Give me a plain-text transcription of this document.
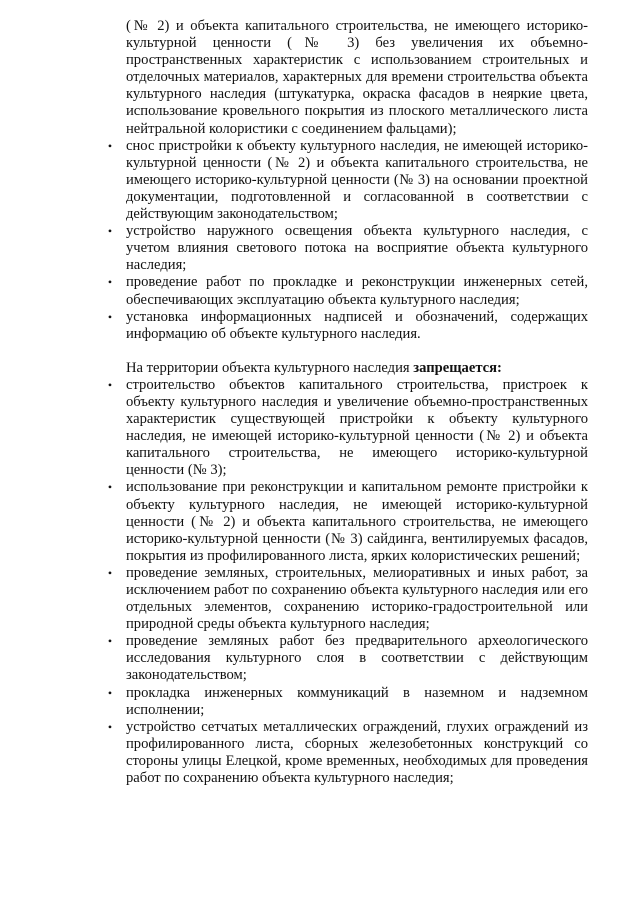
(№ 2) и объекта капитального строительства, не имеющего историко-культурной ценности (№ 3) без увеличения их объемно-пространственных характеристик с использованием строительных и отделочных материалов, характерных для времени строительства объекта культурного наследия (штукатурка, окраска фасадов в неяркие цвета, использование кровельного покрытия из плоского металлического листа нейтральной колористики с соединением фальцами);

• снос пристройки к объекту культурного наследия, не имеющей историко-культурной ценности (№ 2) и объекта капитального строительства, не имеющего историко-культурной ценности (№ 3) на основании проектной документации, подготовленной и согласованной в соответствии с действующим законодательством;
• устройство наружного освещения объекта культурного наследия, с учетом влияния светового потока на восприятие объекта культурного наследия;
• проведение работ по прокладке и реконструкции инженерных сетей, обеспечивающих эксплуатацию объекта культурного наследия;
• установка информационных надписей и обозначений, содержащих информацию об объекте культурного наследия.

На территории объекта культурного наследия запрещается:

• строительство объектов капитального строительства, пристроек к объекту культурного наследия и увеличение объемно-пространственных характеристик существующей пристройки к объекту культурного наследия, не имеющей историко-культурной ценности (№ 2) и объекта капитального строительства, не имеющего историко-культурной ценности (№ 3);
• использование при реконструкции и капитальном ремонте пристройки к объекту культурного наследия, не имеющей историко-культурной ценности (№ 2) и объекта капитального строительства, не имеющего историко-культурной ценности (№ 3) сайдинга, вентилируемых фасадов, покрытия из профилированного листа, ярких колористических решений;
• проведение земляных, строительных, мелиоративных и иных работ, за исключением работ по сохранению объекта культурного наследия или его отдельных элементов, сохранению историко-градостроительной или природной среды объекта культурного наследия;
• проведение земляных работ без предварительного археологического исследования культурного слоя в соответствии с действующим законодательством;
• прокладка инженерных коммуникаций в наземном и надземном исполнении;
• устройство сетчатых металлических ограждений, глухих ограждений из профилированного листа, сборных железобетонных конструкций со стороны улицы Елецкой, кроме временных, необходимых для проведения работ по сохранению объекта культурного наследия;
